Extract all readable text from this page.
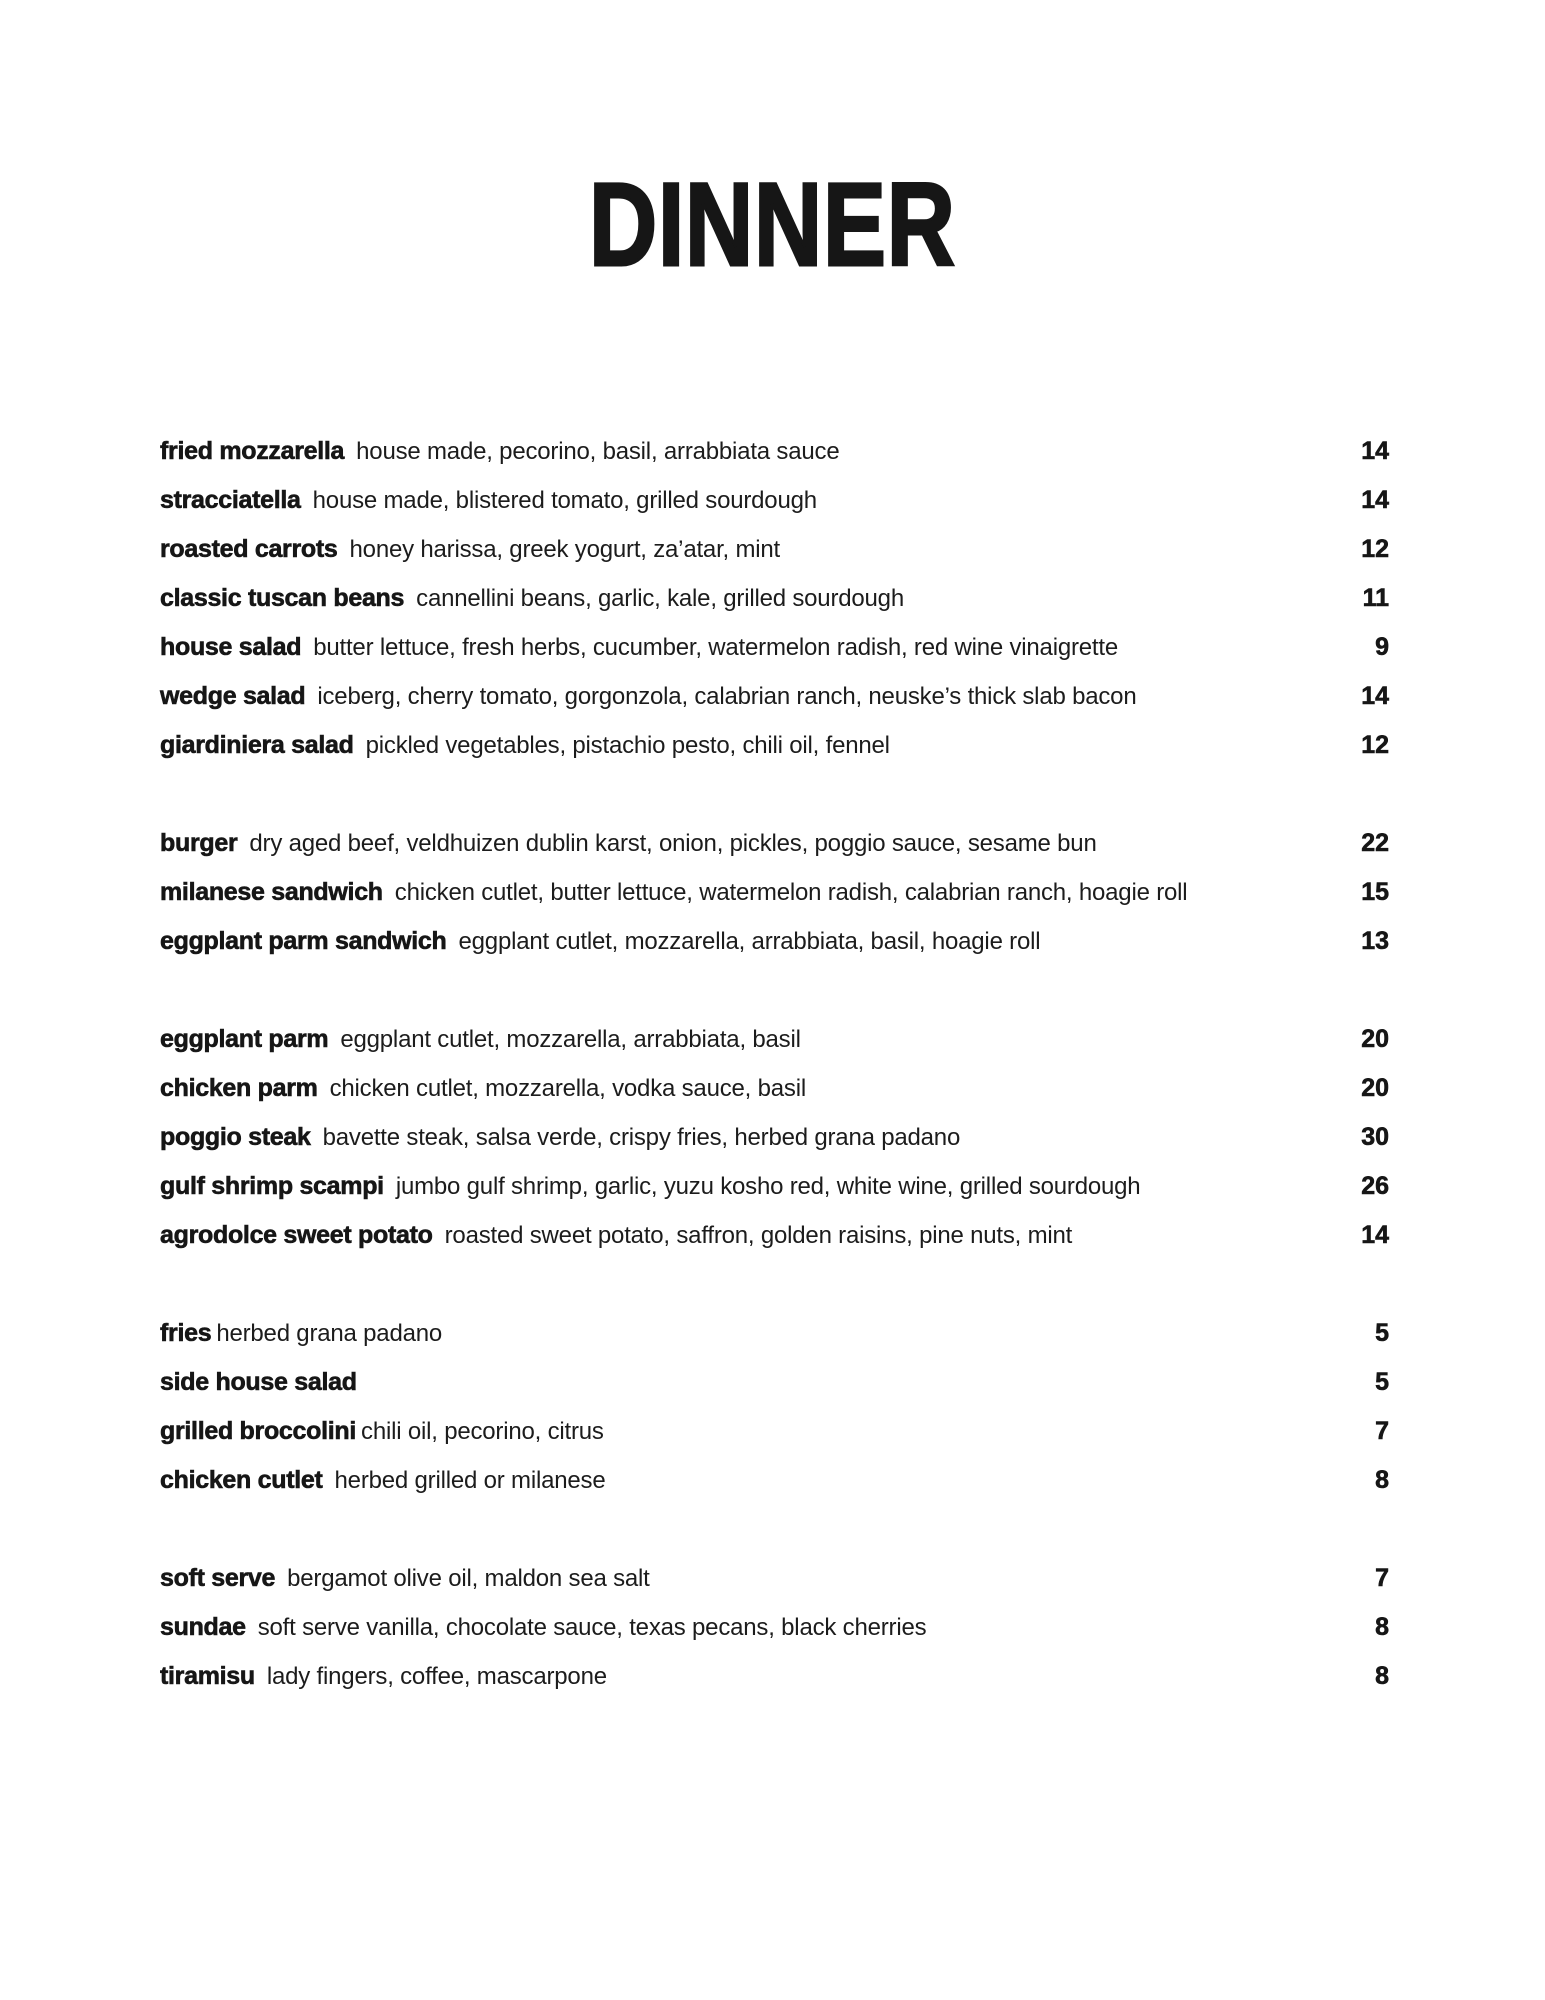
DINNER
fried mozzarella house made, pecorino, basil, arrabbiata sauce	14
stracciatella house made, blistered tomato, grilled sourdough	14
roasted carrots honey harissa, greek yogurt, za’atar, mint	12
classic tuscan beans cannellini beans, garlic, kale, grilled sourdough	11
house salad butter lettuce, fresh herbs, cucumber, watermelon radish, red wine vinaigrette	9
wedge salad iceberg, cherry tomato, gorgonzola, calabrian ranch, neuske’s thick slab bacon	14
giardiniera salad pickled vegetables, pistachio pesto, chili oil, fennel	12
burger dry aged beef, veldhuizen dublin karst, onion, pickles, poggio sauce, sesame bun	22
milanese sandwich chicken cutlet, butter lettuce, watermelon radish, calabrian ranch, hoagie roll	15
eggplant parm sandwich eggplant cutlet, mozzarella, arrabbiata, basil, hoagie roll	13
eggplant parm eggplant cutlet, mozzarella, arrabbiata, basil	20
chicken parm chicken cutlet, mozzarella, vodka sauce, basil	20
poggio steak bavette steak, salsa verde, crispy fries, herbed grana padano	30
gulf shrimp scampi jumbo gulf shrimp, garlic, yuzu kosho red, white wine, grilled sourdough	26
agrodolce sweet potato roasted sweet potato, saffron, golden raisins, pine nuts, mint	14
fries herbed grana padano	5
side house salad	5
grilled broccolini chili oil, pecorino, citrus	7
chicken cutlet herbed grilled or milanese	8
soft serve bergamot olive oil, maldon sea salt	7
sundae soft serve vanilla, chocolate sauce, texas pecans, black cherries	8
tiramisu lady fingers, coffee, mascarpone	8
